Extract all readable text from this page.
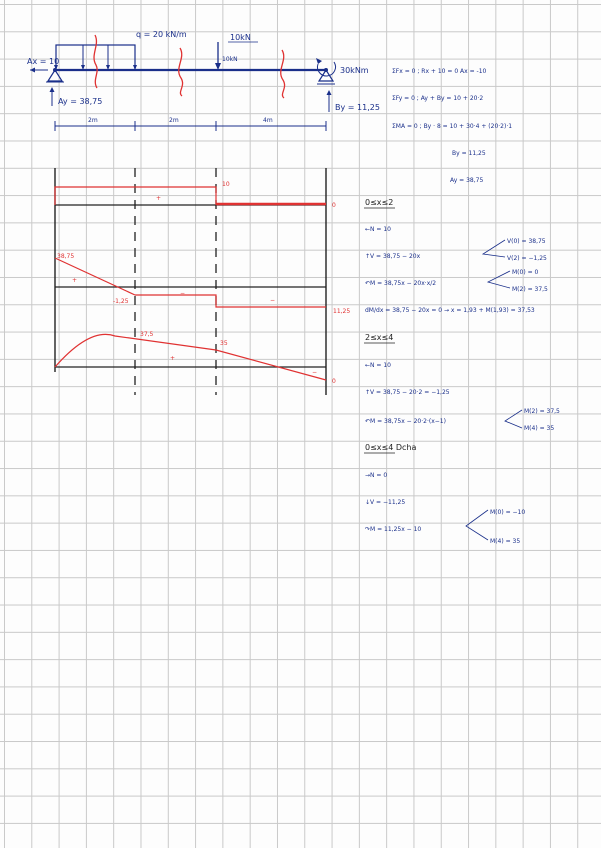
q = 20 kN/m	10kN
10kN
Ax = 10
Ay = 38,75
30kNm
By = 11,25
2m	2m	4m
ΣFx = 0 ; Rx + 10 = 0 Ax = -10
ΣFy = 0 ; Ay + By = 10 + 20·2
ΣMA = 0 ; By · 8 = 10 + 30·4 + (20·2)·1
By = 11,25
Ay = 38,75
10
+
0
38,75
+
-1,25
−
−
11,25
37,5
35
+
−
0
0≤x≤2
←N = 10
↑V = 38,75 − 20x
V(0) = 38,75
V(2) = −1,25
↶M = 38,75x − 20x·x/2
M(0) = 0
M(2) = 37,5
dM/dx = 38,75 − 20x = 0 → x = 1,93 + M(1,93) = 37,53
2≤x≤4
←N = 10
↑V = 38,75 − 20·2 = −1,25
↶M = 38,75x − 20·2·(x−1)
M(2) = 37,5
M(4) = 35
0≤x≤4 Dcha
→N = 0
↓V = −11,25
↷M = 11,25x − 10
M(0) = −10
M(4) = 35
